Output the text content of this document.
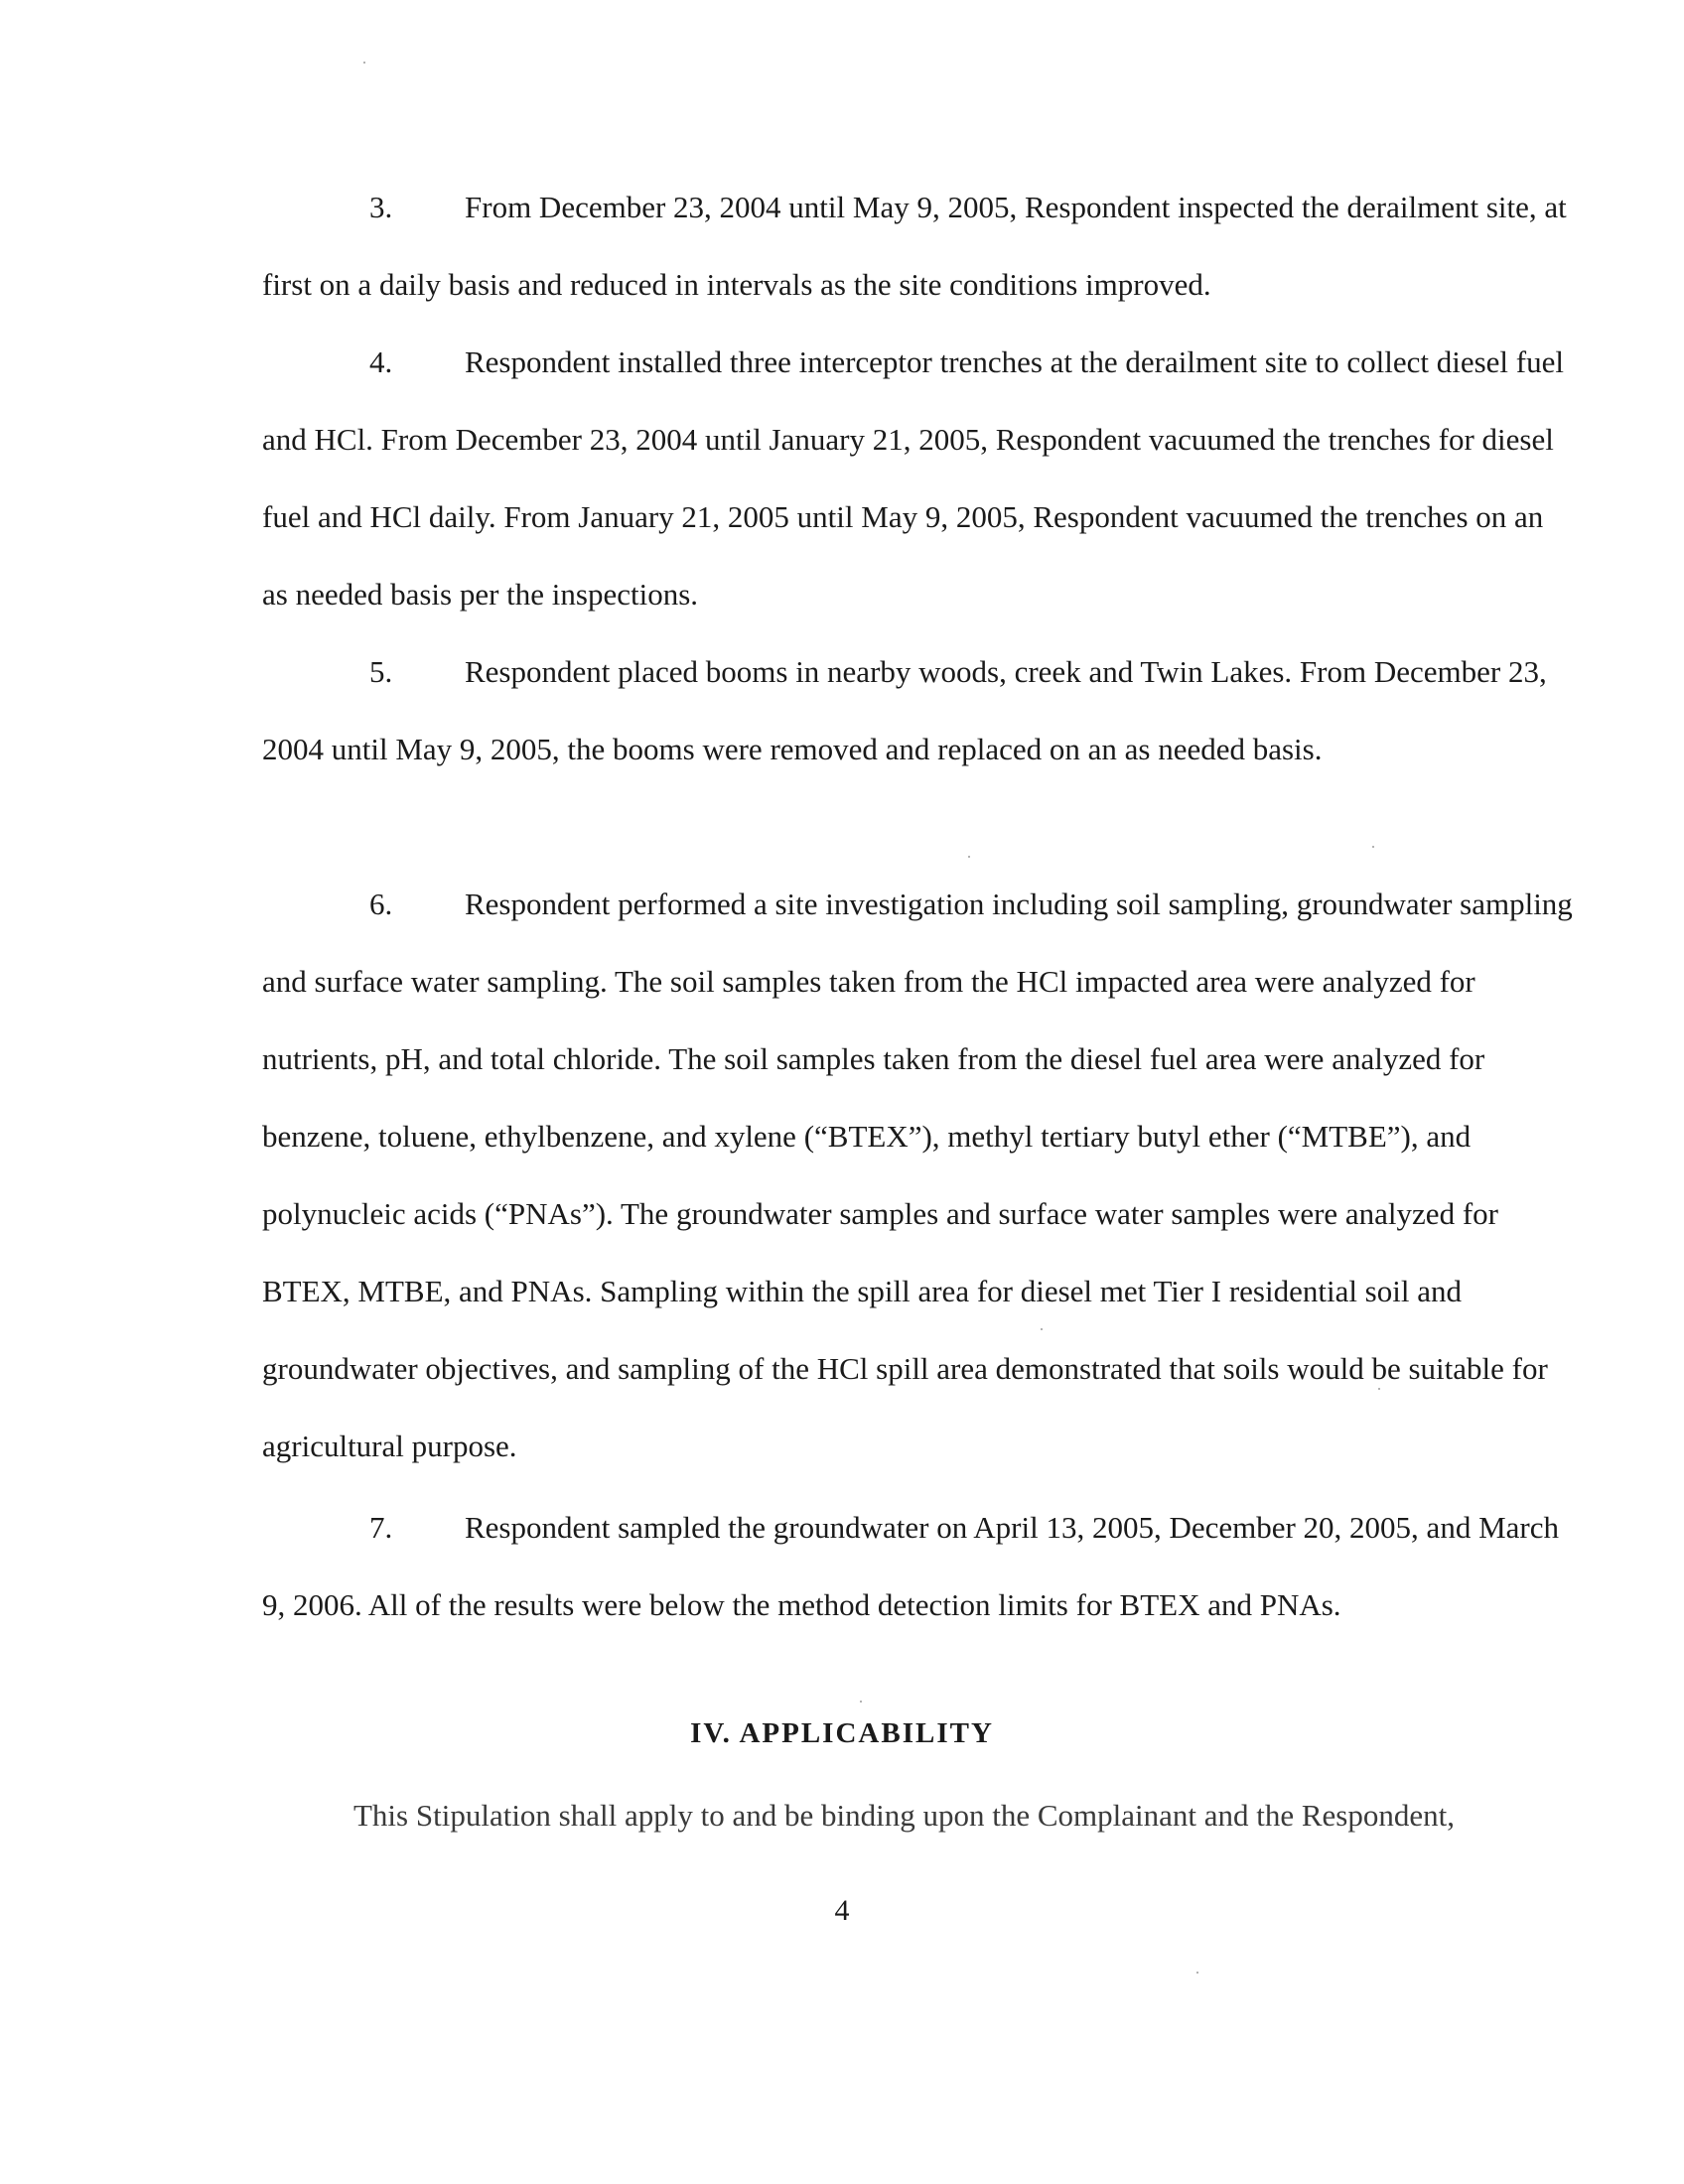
3. From December 23, 2004 until May 9, 2005, Respondent inspected the derailment site, at first on a daily basis and reduced in intervals as the site conditions improved.

4. Respondent installed three interceptor trenches at the derailment site to collect diesel fuel and HCl. From December 23, 2004 until January 21, 2005, Respondent vacuumed the trenches for diesel fuel and HCl daily. From January 21, 2005 until May 9, 2005, Respondent vacuumed the trenches on an as needed basis per the inspections.

5. Respondent placed booms in nearby woods, creek and Twin Lakes. From December 23, 2004 until May 9, 2005, the booms were removed and replaced on an as needed basis.

6. Respondent performed a site investigation including soil sampling, groundwater sampling and surface water sampling. The soil samples taken from the HCl impacted area were analyzed for nutrients, pH, and total chloride. The soil samples taken from the diesel fuel area were analyzed for benzene, toluene, ethylbenzene, and xylene (“BTEX”), methyl tertiary butyl ether (“MTBE”), and polynucleic acids (“PNAs”). The groundwater samples and surface water samples were analyzed for BTEX, MTBE, and PNAs. Sampling within the spill area for diesel met Tier I residential soil and groundwater objectives, and sampling of the HCl spill area demonstrated that soils would be suitable for agricultural purpose.

7. Respondent sampled the groundwater on April 13, 2005, December 20, 2005, and March 9, 2006. All of the results were below the method detection limits for BTEX and PNAs.

IV. APPLICABILITY

This Stipulation shall apply to and be binding upon the Complainant and the Respondent,

4
